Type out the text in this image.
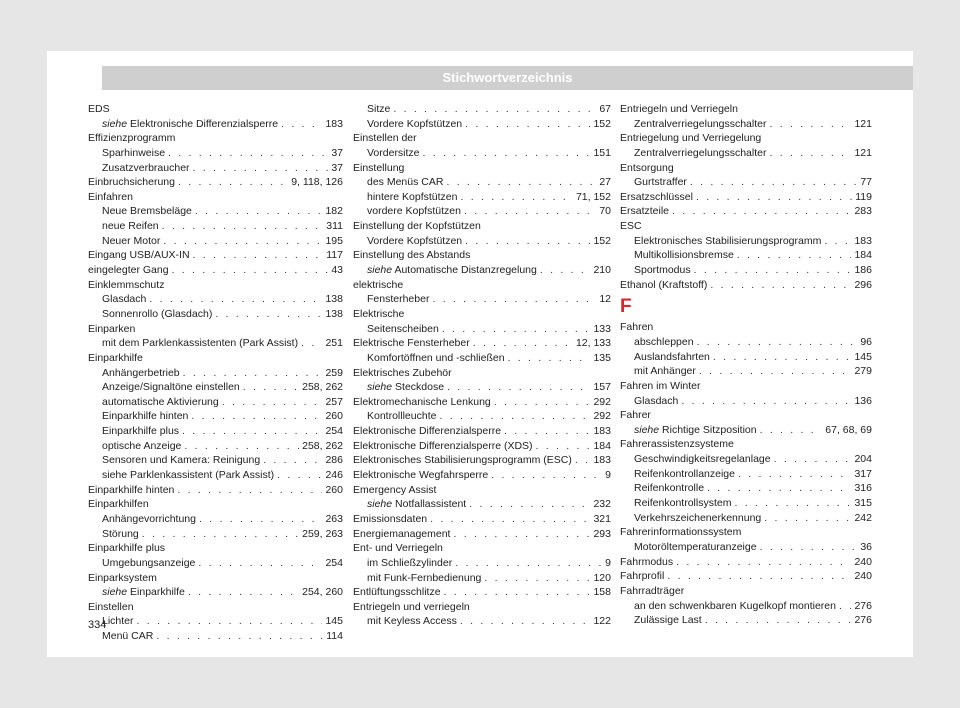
Stichwortverzeichnis
EDS
siehe Elektronische Differenzialsperre . . .	183
Effizienzprogramm
Sparhinweise . . .	37
Zusatzverbraucher . . .	37
Einbruchsicherung . . .	9, 118, 126
Einfahren
Neue Bremsbeläge . . .	182
neue Reifen . . .	311
Neuer Motor . . .	195
Eingang USB/AUX-IN . . .	117
eingelegter Gang . . .	43
Einklemmschutz
Glasdach . . .	138
Sonnenrollo (Glasdach) . . .	138
Einparken
mit dem Parklenkassistenten (Park Assist) . . .	251
Einparkhilfe
Anhängerbetrieb . . .	259
Anzeige/Signaltöne einstellen . . .	258, 262
automatische Aktivierung . . .	257
Einparkhilfe hinten . . .	260
Einparkhilfe plus . . .	254
optische Anzeige . . .	258, 262
Sensoren und Kamera: Reinigung . . .	286
siehe Parklenkassistent (Park Assist) . . .	246
Einparkhilfe hinten . . .	260
Einparkhilfen
Anhängevorrichtung . . .	263
Störung . . .	259, 263
Einparkhilfe plus
Umgebungsanzeige . . .	254
Einparksystem
siehe Einparkhilfe . . .	254, 260
Einstellen
Lichter . . .	145
Menü CAR . . .	114
Sitze . . .	67
Vordere Kopfstützen . . .	152
Einstellen der
Vordersitze . . .	151
Einstellung
des Menüs CAR . . .	27
hintere Kopfstützen . . .	71, 152
vordere Kopfstützen . . .	70
Einstellung der Kopfstützen
Vordere Kopfstützen . . .	152
Einstellung des Abstands
siehe Automatische Distanzregelung . . .	210
elektrische
Fensterheber . . .	12
Elektrische
Seitenscheiben . . .	133
Elektrische Fensterheber . . .	12, 133
Komfortöffnen und -schließen . . .	135
Elektrisches Zubehör
siehe Steckdose . . .	157
Elektromechanische Lenkung . . .	292
Kontrollleuchte . . .	292
Elektronische Differenzialsperre . . .	183
Elektronische Differenzialsperre (XDS) . . .	184
Elektronisches Stabilisierungsprogramm (ESC) . . . 183
Elektronische Wegfahrsperre . . .	9
Emergency Assist
siehe Notfallassistent . . .	232
Emissionsdaten . . .	321
Energiemanagement . . .	293
Ent- und Verriegeln
im Schließzylinder . . .	9
mit Funk-Fernbedienung . . .	120
Entlüftungsschlitze . . .	158
Entriegeln und verriegeln
mit Keyless Access . . .	122
Entriegeln und Verriegeln
Zentralverriegelungsschalter . . .	121
Entriegelung und Verriegelung
Zentralverriegelungsschalter . . .	121
Entsorgung
Gurtstraffer . . .	77
Ersatzschlüssel . . .	119
Ersatzteile . . .	283
ESC
Elektronisches Stabilisierungsprogramm . . .	183
Multikollisionsbremse . . .	184
Sportmodus . . .	186
Ethanol (Kraftstoff) . . .	296
F
Fahren
abschleppen . . .	96
Auslandsfahrten . . .	145
mit Anhänger . . .	279
Fahren im Winter
Glasdach . . .	136
Fahrer
siehe Richtige Sitzposition . . .	67, 68, 69
Fahrerassistenzsysteme
Geschwindigkeitsregelanlage . . .	204
Reifenkontrollanzeige . . .	317
Reifenkontrolle . . .	316
Reifenkontrollsystem . . .	315
Verkehrszeichenerkennung . . .	242
Fahrerinformationssystem
Motoröltemperaturanzeige . . .	36
Fahrmodus . . .	240
Fahrprofil . . .	240
Fahrradträger
an den schwenkbaren Kugelkopf montieren . . . 276
Zulässige Last . . .	276
334
